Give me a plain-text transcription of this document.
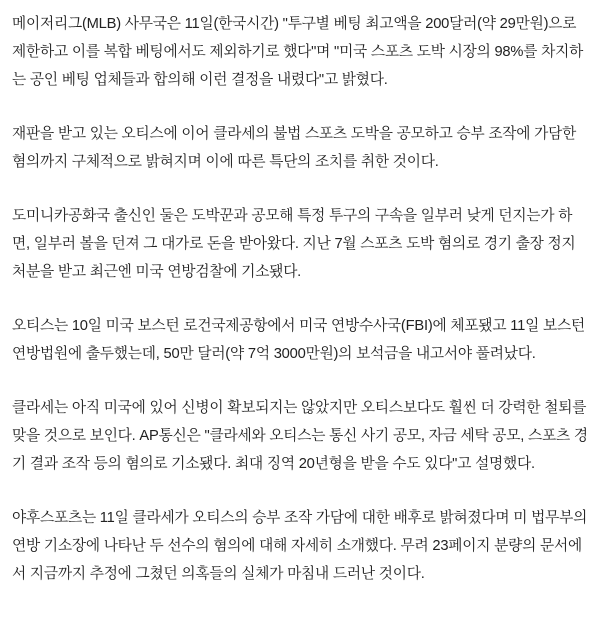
메이저리그(MLB) 사무국은 11일(한국시간) "투구별 베팅 최고액을 200달러(약 29만원)으로 제한하고 이를 복합 베팅에서도 제외하기로 했다"며 "미국 스포츠 도박 시장의 98%를 차지하는 공인 베팅 업체들과 합의해 이런 결정을 내렸다"고 밝혔다.

재판을 받고 있는 오티스에 이어 클라세의 불법 스포츠 도박을 공모하고 승부 조작에 가담한 혐의까지 구체적으로 밝혀지며 이에 따른 특단의 조치를 취한 것이다.

도미니카공화국 출신인 둘은 도박꾼과 공모해 특정 투구의 구속을 일부러 낮게 던지는가 하면, 일부러 볼을 던져 그 대가로 돈을 받아왔다. 지난 7월 스포츠 도박 혐의로 경기 출장 정지 처분을 받고 최근엔 미국 연방검찰에 기소됐다.

오티스는 10일 미국 보스턴 로건국제공항에서 미국 연방수사국(FBI)에 체포됐고 11일 보스턴 연방법원에 출두했는데, 50만 달러(약 7억 3000만원)의 보석금을 내고서야 풀려났다.

클라세는 아직 미국에 있어 신병이 확보되지는 않았지만 오티스보다도 훨씬 더 강력한 철퇴를 맞을 것으로 보인다. AP통신은 "클라세와 오티스는 통신 사기 공모, 자금 세탁 공모, 스포츠 경기 결과 조작 등의 혐의로 기소됐다. 최대 징역 20년형을 받을 수도 있다"고 설명했다.

야후스포츠는 11일 클라세가 오티스의 승부 조작 가담에 대한 배후로 밝혀졌다며 미 법무부의 연방 기소장에 나타난 두 선수의 혐의에 대해 자세히 소개했다. 무려 23페이지 분량의 문서에서 지금까지 추정에 그쳤던 의혹들의 실체가 마침내 드러난 것이다.
